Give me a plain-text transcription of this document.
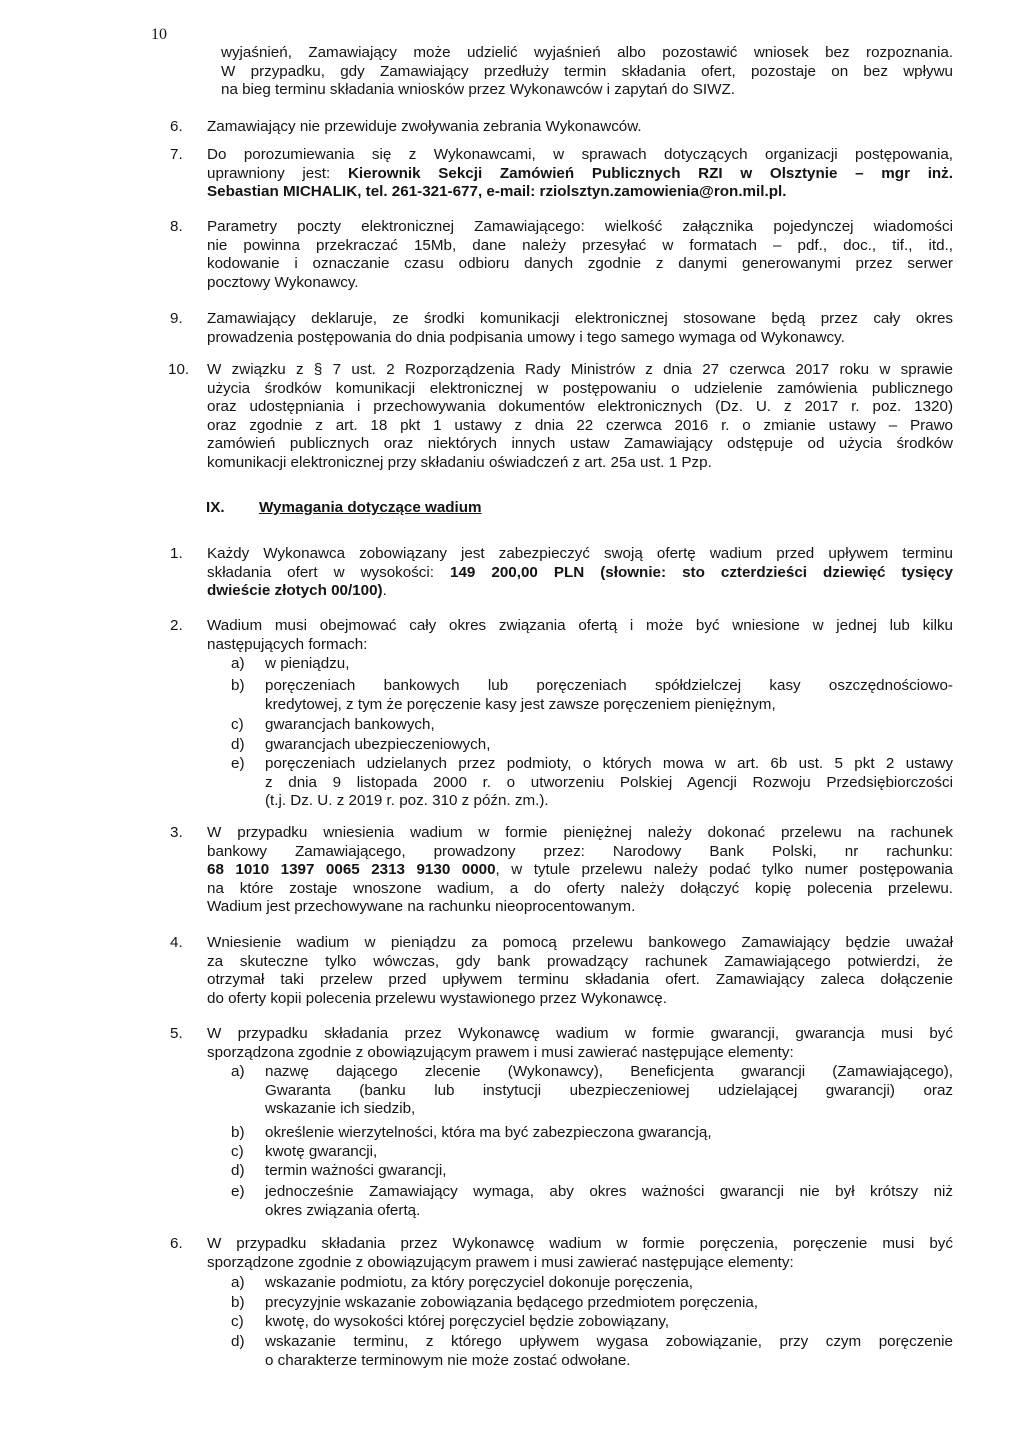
10
wyjaśnień, Zamawiający może udzielić wyjaśnień albo pozostawić wniosek bez rozpoznania.
W przypadku, gdy Zamawiający przedłuży termin składania ofert, pozostaje on bez wpływu
na bieg terminu składania wniosków przez Wykonawców i zapytań do SIWZ.
6. Zamawiający nie przewiduje zwoływania zebrania Wykonawców.
7. Do porozumiewania się z Wykonawcami, w sprawach dotyczących organizacji postępowania,
uprawniony jest: Kierownik Sekcji Zamówień Publicznych RZI w Olsztynie – mgr inż.
Sebastian MICHALIK, tel. 261-321-677, e-mail: rziolsztyn.zamowienia@ron.mil.pl.
8. Parametry poczty elektronicznej Zamawiającego: wielkość załącznika pojedynczej wiadomości
nie powinna przekraczać 15Mb, dane należy przesyłać w formatach – pdf., doc., tif., itd.,
kodowanie i oznaczanie czasu odbioru danych zgodnie z danymi generowanymi przez serwer
pocztowy Wykonawcy.
9. Zamawiający deklaruje, ze środki komunikacji elektronicznej stosowane będą przez cały okres
prowadzenia postępowania do dnia podpisania umowy i tego samego wymaga od Wykonawcy.
10. W związku z § 7 ust. 2 Rozporządzenia Rady Ministrów z dnia 27 czerwca 2017 roku w sprawie
użycia środków komunikacji elektronicznej w postępowaniu o udzielenie zamówienia publicznego
oraz udostępniania i przechowywania dokumentów elektronicznych (Dz. U. z 2017 r. poz. 1320)
oraz zgodnie z art. 18 pkt 1 ustawy z dnia 22 czerwca 2016 r. o zmianie ustawy – Prawo
zamówień publicznych oraz niektórych innych ustaw Zamawiający odstępuje od użycia środków
komunikacji elektronicznej przy składaniu oświadczeń z art. 25a ust. 1 Pzp.
IX. Wymagania dotyczące wadium
1. Każdy Wykonawca zobowiązany jest zabezpieczyć swoją ofertę wadium przed upływem terminu
składania ofert w wysokości: 149 200,00 PLN (słownie: sto czterdzieści dziewięć tysięcy
dwieście złotych 00/100).
2. Wadium musi obejmować cały okres związania ofertą i może być wniesione w jednej lub kilku
następujących formach:
a) w pieniądzu,
b) poręczeniach bankowych lub poręczeniach spółdzielczej kasy oszczędnościowo-
kredytowej, z tym że poręczenie kasy jest zawsze poręczeniem pieniężnym,
c) gwarancjach bankowych,
d) gwarancjach ubezpieczeniowych,
e) poręczeniach udzielanych przez podmioty, o których mowa w art. 6b ust. 5 pkt 2 ustawy
z dnia 9 listopada 2000 r. o utworzeniu Polskiej Agencji Rozwoju Przedsiębiorczości
(t.j. Dz. U. z 2019 r. poz. 310 z późn. zm.).
3. W przypadku wniesienia wadium w formie pieniężnej należy dokonać przelewu na rachunek
bankowy Zamawiającego, prowadzony przez: Narodowy Bank Polski, nr rachunku:
68 1010 1397 0065 2313 9130 0000, w tytule przelewu należy podać tylko numer postępowania
na które zostaje wnoszone wadium, a do oferty należy dołączyć kopię polecenia przelewu.
Wadium jest przechowywane na rachunku nieoprocentowanym.
4. Wniesienie wadium w pieniądzu za pomocą przelewu bankowego Zamawiający będzie uważał
za skuteczne tylko wówczas, gdy bank prowadzący rachunek Zamawiającego potwierdzi, że
otrzymał taki przelew przed upływem terminu składania ofert. Zamawiający zaleca dołączenie
do oferty kopii polecenia przelewu wystawionego przez Wykonawcę.
5. W przypadku składania przez Wykonawcę wadium w formie gwarancji, gwarancja musi być
sporządzona zgodnie z obowiązującym prawem i musi zawierać następujące elementy:
a) nazwę dającego zlecenie (Wykonawcy), Beneficjenta gwarancji (Zamawiającego),
Gwaranta (banku lub instytucji ubezpieczeniowej udzielającej gwarancji) oraz
wskazanie ich siedzib,
b) określenie wierzytelności, która ma być zabezpieczona gwarancją,
c) kwotę gwarancji,
d) termin ważności gwarancji,
e) jednocześnie Zamawiający wymaga, aby okres ważności gwarancji nie był krótszy niż
okres związania ofertą.
6. W przypadku składania przez Wykonawcę wadium w formie poręczenia, poręczenie musi być
sporządzone zgodnie z obowiązującym prawem i musi zawierać następujące elementy:
a) wskazanie podmiotu, za który poręczyciel dokonuje poręczenia,
b) precyzyjnie wskazanie zobowiązania będącego przedmiotem poręczenia,
c) kwotę, do wysokości której poręczyciel będzie zobowiązany,
d) wskazanie terminu, z którego upływem wygasa zobowiązanie, przy czym poręczenie
o charakterze terminowym nie może zostać odwołane.
